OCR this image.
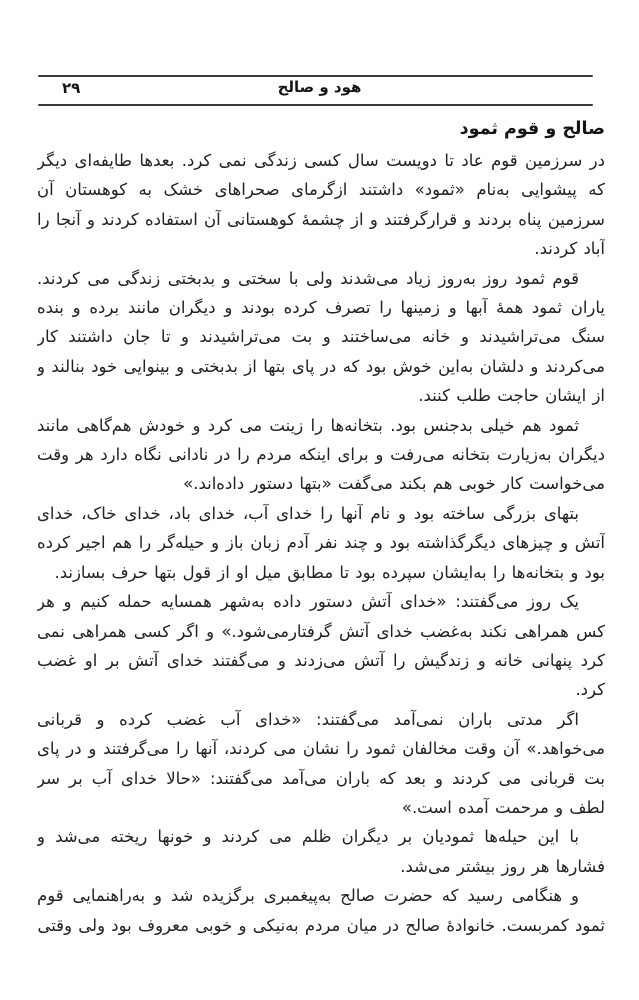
۲۹	هود و صالح
صالح و قوم ثمود

در سرزمین قوم عاد تا دویست سال کسی زندگی نمی کرد. بعدها طایفه‌ای دیگر که پیشوایی به‌نام «ثمود» داشتند ازگرمای صحراهای خشک به کوهستان آن سرزمین پناه بردند و قرارگرفتند و از چشمهٔ کوهستانی آن استفاده کردند و آنجا را آباد کردند.

قوم ثمود روز به‌روز زیاد می‌شدند ولی با سختی و بدبختی زندگی می کردند. یاران ثمود همهٔ آبها و زمینها را تصرف کرده بودند و دیگران مانند برده و بنده سنگ می‌تراشیدند و خانه می‌ساختند و بت می‌تراشیدند و تا جان داشتند کار می‌کردند و دلشان به‌این خوش بود که در پای بتها از بدبختی و بینوایی خود بنالند و از ایشان حاجت طلب کنند.

ثمود هم خیلی بدجنس بود. بتخانه‌ها را زینت می کرد و خودش هم‌گاهی مانند دیگران به‌زیارت بتخانه می‌رفت و برای اینکه مردم را در نادانی نگاه دارد هر وقت می‌خواست کار خوبی هم بکند می‌گفت «بتها دستور داده‌اند.»

بتهای بزرگی ساخته بود و نام آنها را خدای آب، خدای باد، خدای خاک، خدای آتش و چیزهای دیگرگذاشته بود و چند نفر آدم زبان باز و حیله‌گر را هم اجیر کرده بود و بتخانه‌ها را به‌ایشان سپرده بود تا مطابق میل او از قول بتها حرف بسازند.

یک روز می‌گفتند: «خدای آتش دستور داده به‌شهر همسایه حمله کنیم و هر کس همراهی نکند به‌غضب خدای آتش گرفتارمی‌شود.» و اگر کسی همراهی نمی کرد پنهانی خانه و زندگیش را آتش می‌زدند و می‌گفتند خدای آتش بر او غضب کرد.

اگر مدتی باران نمی‌آمد می‌گفتند: «خدای آب غضب کرده و قربانی می‌خواهد.» آن وقت مخالفان ثمود را نشان می کردند، آنها را می‌گرفتند و در پای بت قربانی می کردند و بعد که باران می‌آمد می‌گفتند: «حالا خدای آب بر سر لطف و مرحمت آمده است.»

با این حیله‌ها ثمودیان بر دیگران ظلم می کردند و خونها ریخته می‌شد و فشارها هر روز بیشتر می‌شد.

و هنگامی رسید که حضرت صالح به‌پیغمبری برگزیده شد و به‌راهنمایی قوم ثمود کمربست. خانوادهٔ صالح در میان مردم به‌نیکی و خوبی معروف بود ولی وقتی
